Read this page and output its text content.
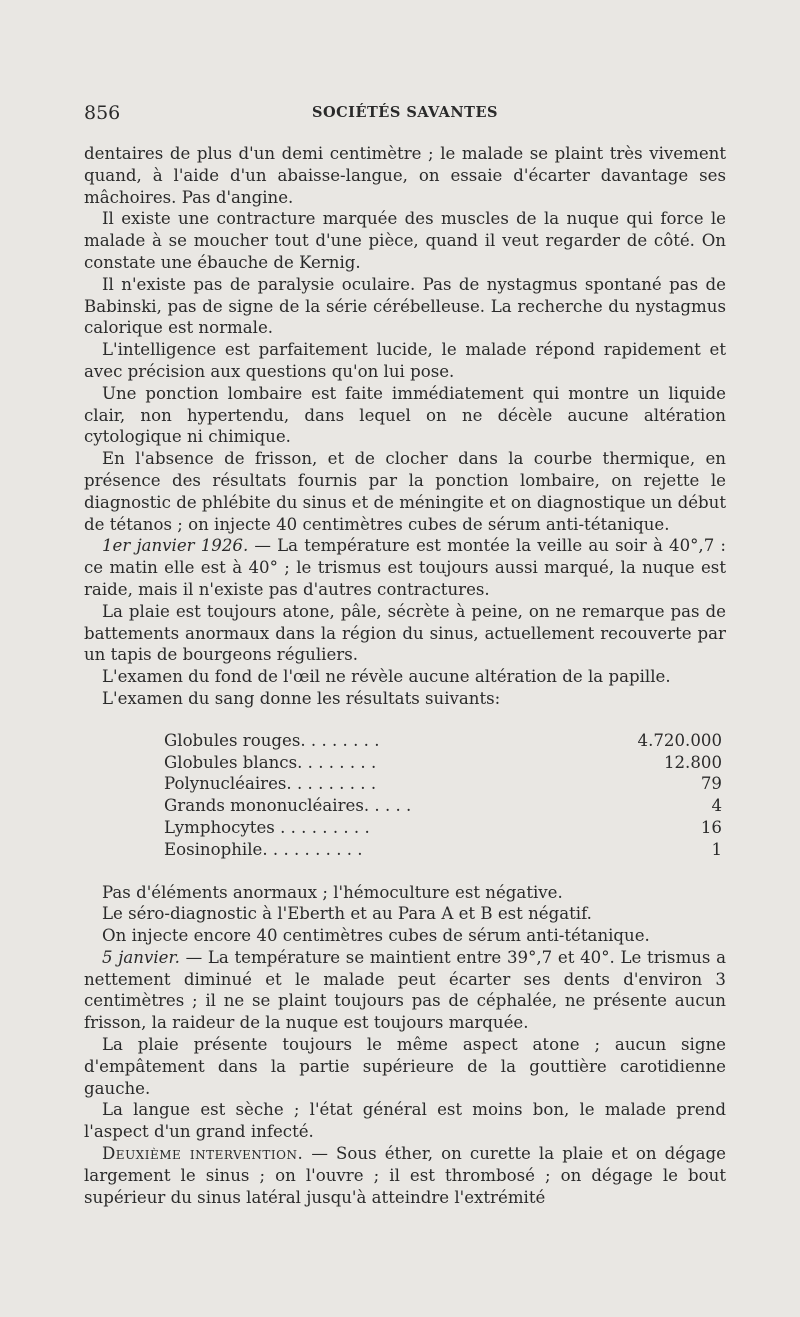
856	SOCIÉTÉS SAVANTES

dentaires de plus d'un demi centimètre ; le malade se plaint très vivement quand, à l'aide d'un abaisse-langue, on essaie d'écarter davantage ses mâchoires. Pas d'angine.

Il existe une contracture marquée des muscles de la nuque qui force le malade à se moucher tout d'une pièce, quand il veut regarder de côté. On constate une ébauche de Kernig.

Il n'existe pas de paralysie oculaire. Pas de nystagmus spontané pas de Babinski, pas de signe de la série cérébelleuse. La recherche du nystagmus calorique est normale.

L'intelligence est parfaitement lucide, le malade répond rapidement et avec précision aux questions qu'on lui pose.

Une ponction lombaire est faite immédiatement qui montre un liquide clair, non hypertendu, dans lequel on ne décèle aucune altération cytologique ni chimique.

En l'absence de frisson, et de clocher dans la courbe thermique, en présence des résultats fournis par la ponction lombaire, on rejette le diagnostic de phlébite du sinus et de méningite et on diagnostique un début de tétanos ; on injecte 40 centimètres cubes de sérum anti-tétanique.

1er janvier 1926. — La température est montée la veille au soir à 40°,7 : ce matin elle est à 40° ; le trismus est toujours aussi marqué, la nuque est raide, mais il n'existe pas d'autres contractures.

La plaie est toujours atone, pâle, sécrète à peine, on ne remarque pas de battements anormaux dans la région du sinus, actuellement recouverte par un tapis de bourgeons réguliers.

L'examen du fond de l'œil ne révèle aucune altération de la papille.

L'examen du sang donne les résultats suivants:

Globules rouges. . . . . . . .	4.720.000
Globules blancs. . . . . . . .	12.800
Polynucléaires. . . . . . . . .	79
Grands mononucléaires. . . . .	4
Lymphocytes . . . . . . . . .	16
Eosinophile. . . . . . . . . .	1

Pas d'éléments anormaux ; l'hémoculture est négative.

Le séro-diagnostic à l'Eberth et au Para A et B est négatif.

On injecte encore 40 centimètres cubes de sérum anti-tétanique.

5 janvier. — La température se maintient entre 39°,7 et 40°. Le trismus a nettement diminué et le malade peut écarter ses dents d'environ 3 centimètres ; il ne se plaint toujours pas de céphalée, ne présente aucun frisson, la raideur de la nuque est toujours marquée.

La plaie présente toujours le même aspect atone ; aucun signe d'empâtement dans la partie supérieure de la gouttière carotidienne gauche.

La langue est sèche ; l'état général est moins bon, le malade prend l'aspect d'un grand infecté.

Deuxième intervention. — Sous éther, on curette la plaie et on dégage largement le sinus ; on l'ouvre ; il est thrombosé ; on dégage le bout supérieur du sinus latéral jusqu'à atteindre l'extrémité
